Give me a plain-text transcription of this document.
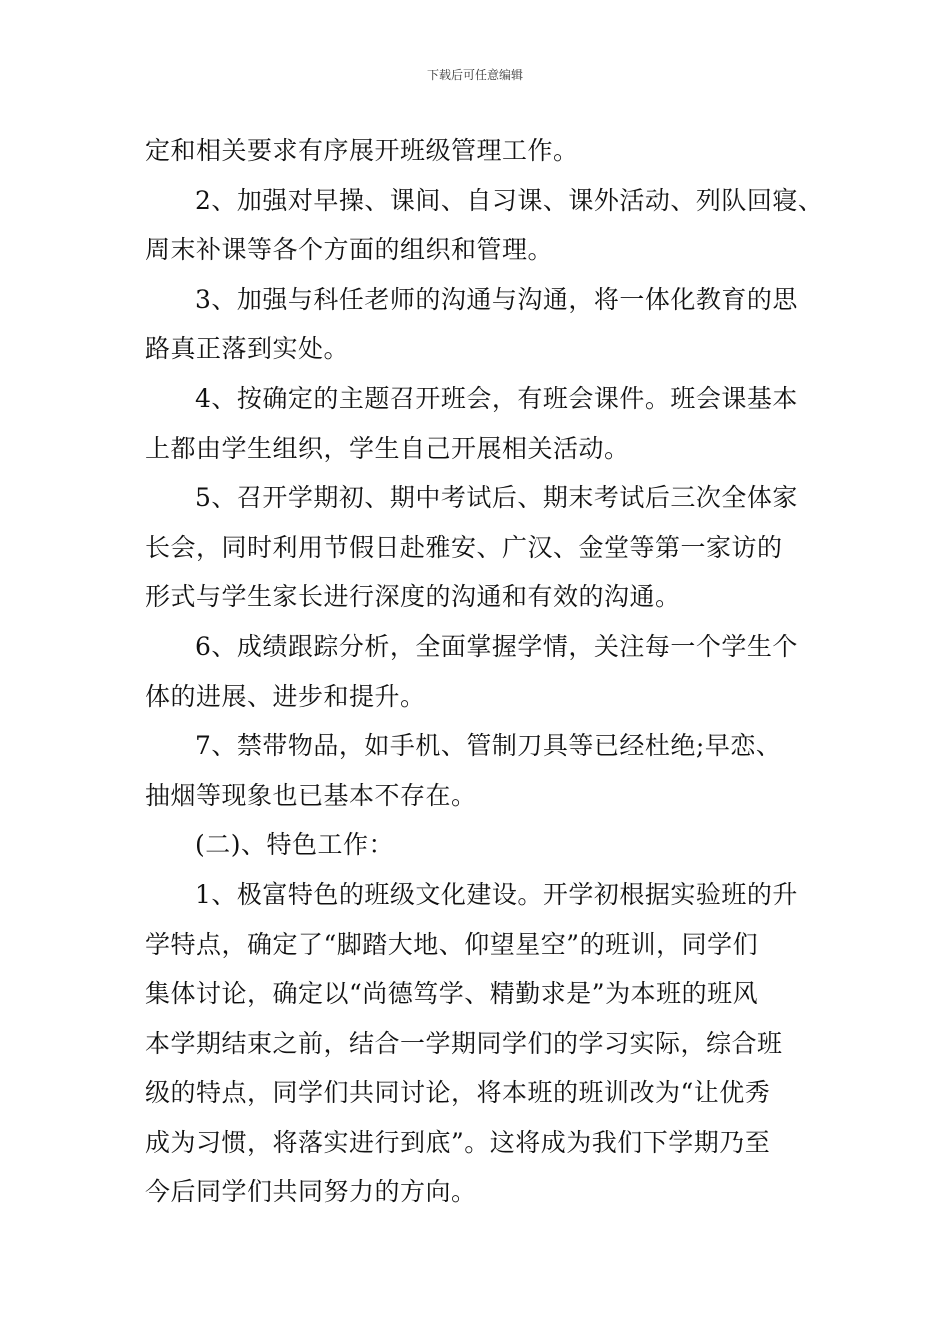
下载后可任意编辑
定和相关要求有序展开班级管理工作。
2、加强对早操、课间、自习课、课外活动、列队回寝、
周末补课等各个方面的组织和管理。
3、加强与科任老师的沟通与沟通，将一体化教育的思
路真正落到实处。
4、按确定的主题召开班会，有班会课件。班会课基本
上都由学生组织，学生自己开展相关活动。
5、召开学期初、期中考试后、期末考试后三次全体家
长会，同时利用节假日赴雅安、广汉、金堂等第一家访的
形式与学生家长进行深度的沟通和有效的沟通。
6、成绩跟踪分析，全面掌握学情，关注每一个学生个
体的进展、进步和提升。
7、禁带物品，如手机、管制刀具等已经杜绝;早恋、
抽烟等现象也已基本不存在。
(二)、特色工作：
1、极富特色的班级文化建设。开学初根据实验班的升
学特点，确定了“脚踏大地、仰望星空”的班训，同学们
集体讨论，确定以“尚德笃学、精勤求是”为本班的班风
本学期结束之前，结合一学期同学们的学习实际，综合班
级的特点，同学们共同讨论，将本班的班训改为“让优秀
成为习惯，将落实进行到底”。这将成为我们下学期乃至
今后同学们共同努力的方向。
